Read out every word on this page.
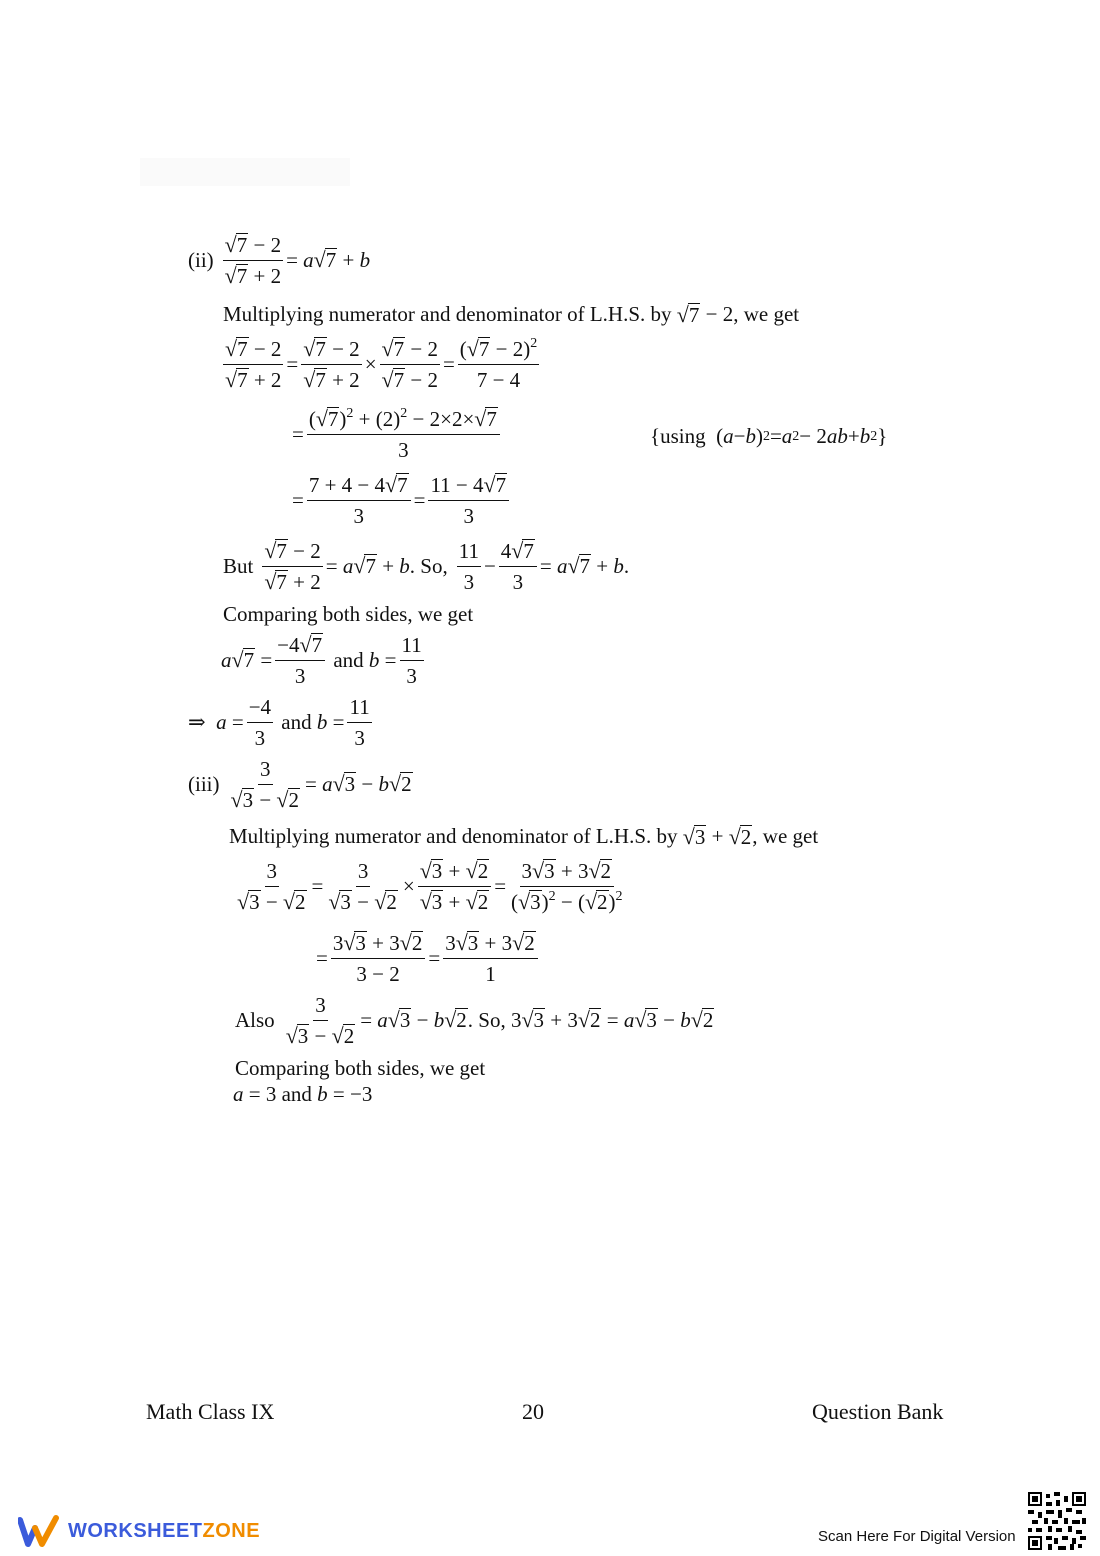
$(ii) \frac{√ 7 - 2}{√ 7 + 2} = a$ √ 7 + b
Multiplying numerator and denominator of L.H.S. by
√ 7 − 2 , we get
$\frac{√ 7 - 2}{√ 7 + 2} = \frac{√ 7 - 2}{√ 7 + 2} \times \frac{√ 7 - 2}{√ 7 - 2} = \frac{( √ 7 - 2)^2}{7 - 4}$
= $\frac{( √ 7 )^2 + (2)^2 - 2\times 2\times √ 7}{3}$	{using ( a − b ) 2 = a 2 − 2 ab + b 2 }
= $\frac{7 + 4 - 4 √ 7}{3} = \frac{11 - 4 √ 7}{3}$
But $\frac{√ 7 - 2}{√ 7 + 2} = a$ √ 7 + b. So, $\frac{11}{3} - \frac{4 √ 7}{3} = a$ √ 7 + b.
Comparing both sides, we get
a √ $7 = \frac{-4 √ 7}{3}$ and $b = \frac{11}{3}$
⇒
$a = \frac{-4}{3}$ and $b = \frac{11}{3}$
$(iii) \frac{3}{√ 3 - √ 2} = a$ √ 3 − b √ 2
Multiplying numerator and denominator of L.H.S. by
√ 3 + √ 2 , we get
$\frac{3}{√ 3 - √ 2} = \frac{3}{√ 3 - √ 2} \times \frac{√ 3 + √ 2}{√ 3 + √ 2} = \frac{3 √ 3 + 3 √ 2}{( √ 3 )^2 - ( √ 2 )^2}$
= $\frac{3 √ 3 + 3 √ 2}{3 - 2} = \frac{3 √ 3 + 3 √ 2}{1}$
Also $\frac{3}{√ 3 - √ 2} = a$ √ 3 − b √ 2 . So,
3 √ 3 + 3 √ 2 = a √ 3 − b √ 2
Comparing both sides, we get
a = 3 and b = −3
Math Class IX	20	Question Bank
WORKSHEETZONE	Scan Here For Digital Version
